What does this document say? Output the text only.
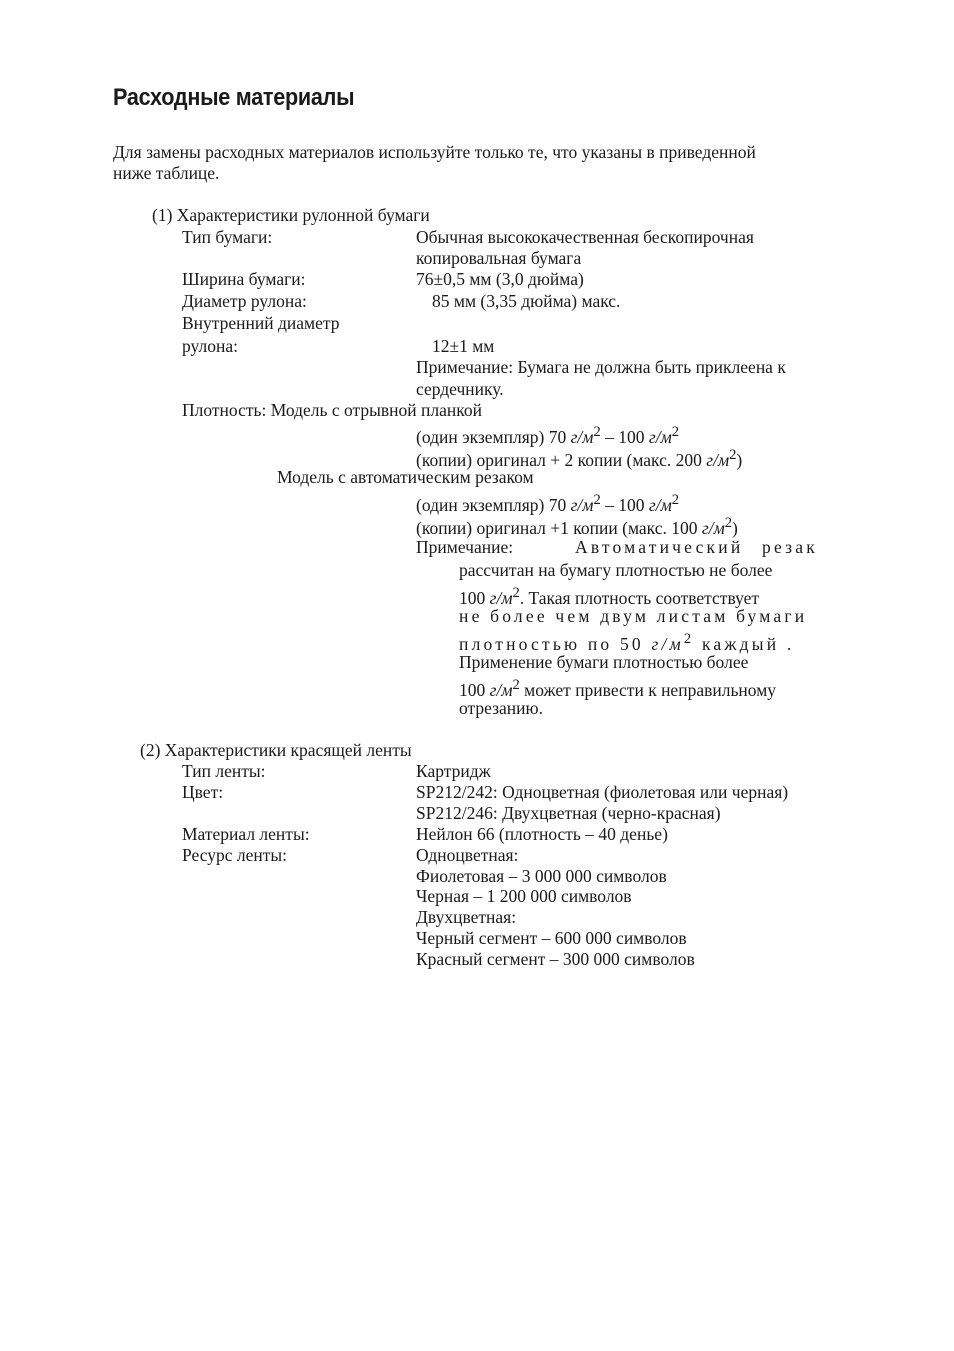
Расходные материалы
Для замены расходных материалов используйте только те, что указаны в приведенной
ниже таблице.
(1) Характеристики рулонной бумаги
Тип бумаги:	Обычная высококачественная бескопирочная
копировальная бумага
Ширина бумаги:	76±0,5 мм (3,0 дюйма)
Диаметр рулона:	85 мм (3,35 дюйма) макс.
Внутренний диаметр
рулона:	12±1 мм
Примечание: Бумага не должна быть приклеена к
сердечнику.
Плотность: Модель с отрывной планкой
(один экземпляр) 70 $г/м^2 - 100$ $г/м^2$
(копии) оригинал + 2 копии (макс. 200 $г/м^2$)
Модель с автоматическим резаком
(один экземпляр) 70 $г/м^2 - 100$ $г/м^2$
(копии) оригинал +1 копии (макс. 100 $г/м^2$)
Примечание:	Автоматический резак
рассчитан на бумагу плотностью не более
100 $г/м^2$. Такая плотность соответствует
не более чем двум листам бумаги
плотностью по 50 $г/м^2$ каждый .
Применение бумаги плотностью более
100 $г/м^2$ может привести к неправильному
отрезанию.
(2) Характеристики красящей ленты
Тип ленты:	Картридж
Цвет:	SP212/242: Одноцветная (фиолетовая или черная)
SP212/246: Двухцветная (черно-красная)
Материал ленты:	Нейлон 66 (плотность – 40 денье)
Ресурс ленты:	Одноцветная:
Фиолетовая – 3 000 000 символов
Черная – 1 200 000 символов
Двухцветная:
Черный сегмент – 600 000 символов
Красный сегмент – 300 000 символов
